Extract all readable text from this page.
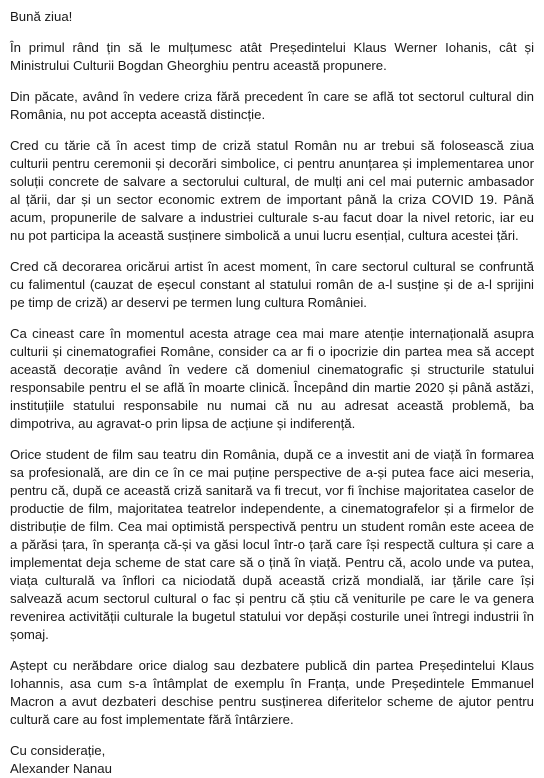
Bună ziua!

În primul rând țin să le mulțumesc atât Președintelui Klaus Werner Iohanis, cât și Ministrului Culturii Bogdan Gheorghiu pentru această propunere.

Din păcate, având în vedere criza fără precedent în care se află tot sectorul cultural din România, nu pot accepta această distincție.

Cred cu tărie că în acest timp de criză statul Român nu ar trebui să folosească ziua culturii pentru ceremonii și decorări simbolice, ci pentru anunțarea și implementarea unor soluții concrete de salvare a sectorului cultural, de mulți ani cel mai puternic ambasador al țării, dar și un sector economic extrem de important până la criza COVID 19. Până acum, propunerile de salvare a industriei culturale s-au facut doar la nivel retoric, iar eu nu pot participa la această susținere simbolică a unui lucru esențial, cultura acestei țări.

Cred că decorarea oricărui artist în acest moment, în care sectorul cultural se confruntă cu falimentul (cauzat de eșecul constant al statului român de a-l susține și de a-l sprijini pe timp de criză) ar deservi pe termen lung cultura României.

Ca cineast care în momentul acesta atrage cea mai mare atenție internațională asupra culturii și cinematografiei Române, consider ca ar fi o ipocrizie din partea mea să accept această decorație având în vedere că domeniul cinematografic și structurile statului responsabile pentru el se află în moarte clinică. Începând din martie 2020 și până astăzi, instituțiile statului responsabile nu numai că nu au adresat această problemă, ba dimpotriva, au agravat-o prin lipsa de acțiune și indiferență.

Orice student de film sau teatru din România, după ce a investit ani de viață în formarea sa profesională, are din ce în ce mai puține perspective de a-și putea face aici meseria, pentru că, după ce această criză sanitară va fi trecut, vor fi închise majoritatea caselor de productie de film, majoritatea teatrelor independente, a cinematografelor și a firmelor de distribuție de film. Cea mai optimistă perspectivă pentru un student român este aceea de a părăsi țara, în speranța că-și va găsi locul într-o țară care își respectă cultura și care a implementat deja scheme de stat care să o țină în viață. Pentru că, acolo unde va putea, viața culturală va înflori ca niciodată după această criză mondială, iar țările care își salvează acum sectorul cultural o fac și pentru că știu că veniturile pe care le va genera revenirea activității culturale la bugetul statului vor depăși costurile unei întregi industrii în șomaj.

Aștept cu nerăbdare orice dialog sau dezbatere publică din partea Președintelui Klaus Iohannis, asa cum s-a întâmplat de exemplu în Franța, unde Președintele Emmanuel Macron a avut dezbateri deschise pentru susținerea diferitelor scheme de ajutor pentru cultură care au fost implementate fără întârziere.

Cu considerație,

Alexander Nanau
